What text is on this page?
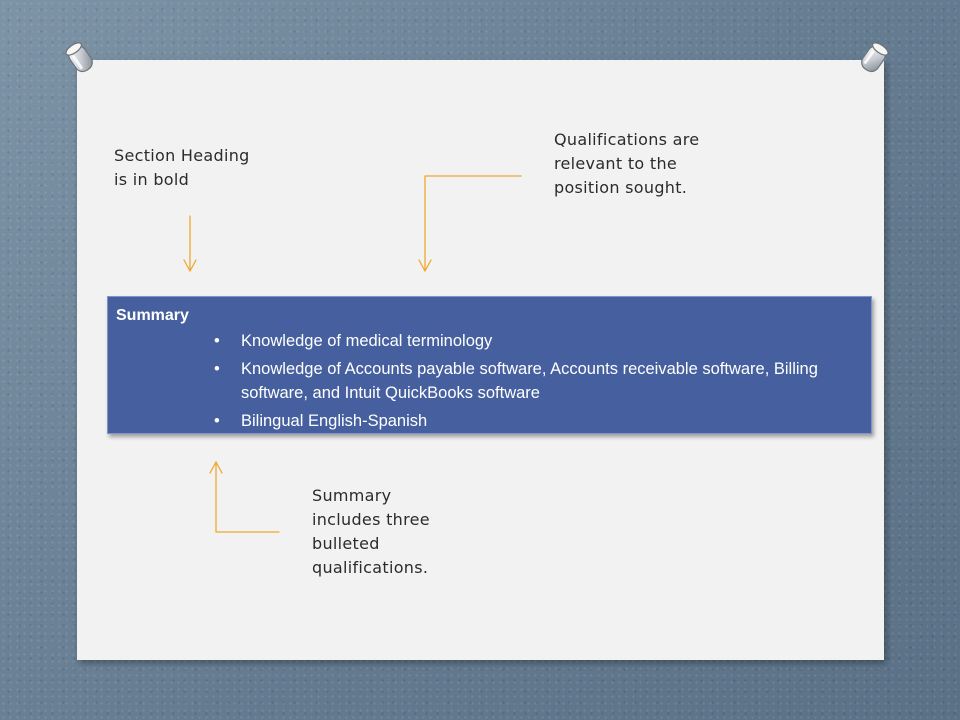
Section Heading
is in bold
Qualifications are
relevant to the
position sought.
Summary
includes three
bulleted
qualifications.
Summary
• Knowledge of medical terminology
• Knowledge of Accounts payable software, Accounts receivable software, Billing software, and Intuit QuickBooks software
• Bilingual English-Spanish
